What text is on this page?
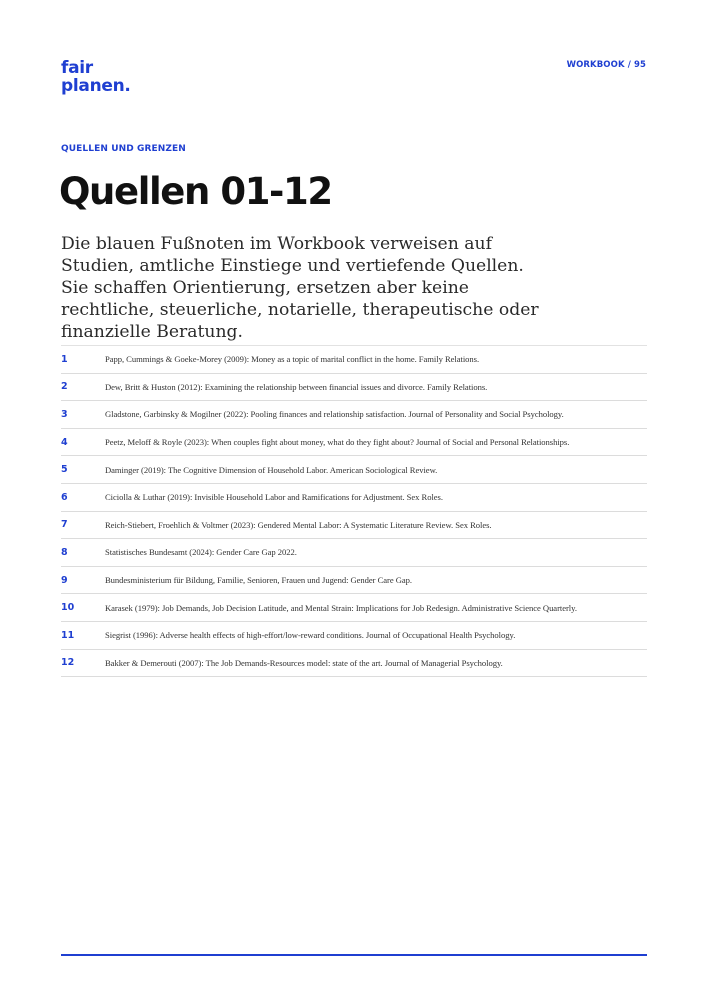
fair
planen.
WORKBOOK / 95
QUELLEN UND GRENZEN
Quellen 01-12

Die blauen Fußnoten im Workbook verweisen auf Studien, amtliche Einstiege und vertiefende Quellen. Sie schaffen Orientierung, ersetzen aber keine rechtliche, steuerliche, notarielle, therapeutische oder finanzielle Beratung.

1	Papp, Cummings & Goeke-Morey (2009): Money as a topic of marital conflict in the home. Family Relations.
2	Dew, Britt & Huston (2012): Examining the relationship between financial issues and divorce. Family Relations.
3	Gladstone, Garbinsky & Mogilner (2022): Pooling finances and relationship satisfaction. Journal of Personality and Social Psychology.
4	Peetz, Meloff & Royle (2023): When couples fight about money, what do they fight about? Journal of Social and Personal Relationships.
5	Daminger (2019): The Cognitive Dimension of Household Labor. American Sociological Review.
6	Ciciolla & Luthar (2019): Invisible Household Labor and Ramifications for Adjustment. Sex Roles.
7	Reich-Stiebert, Froehlich & Voltmer (2023): Gendered Mental Labor: A Systematic Literature Review. Sex Roles.
8	Statistisches Bundesamt (2024): Gender Care Gap 2022.
9	Bundesministerium für Bildung, Familie, Senioren, Frauen und Jugend: Gender Care Gap.
10	Karasek (1979): Job Demands, Job Decision Latitude, and Mental Strain: Implications for Job Redesign. Administrative Science Quarterly.
11	Siegrist (1996): Adverse health effects of high-effort/low-reward conditions. Journal of Occupational Health Psychology.
12	Bakker & Demerouti (2007): The Job Demands-Resources model: state of the art. Journal of Managerial Psychology.
